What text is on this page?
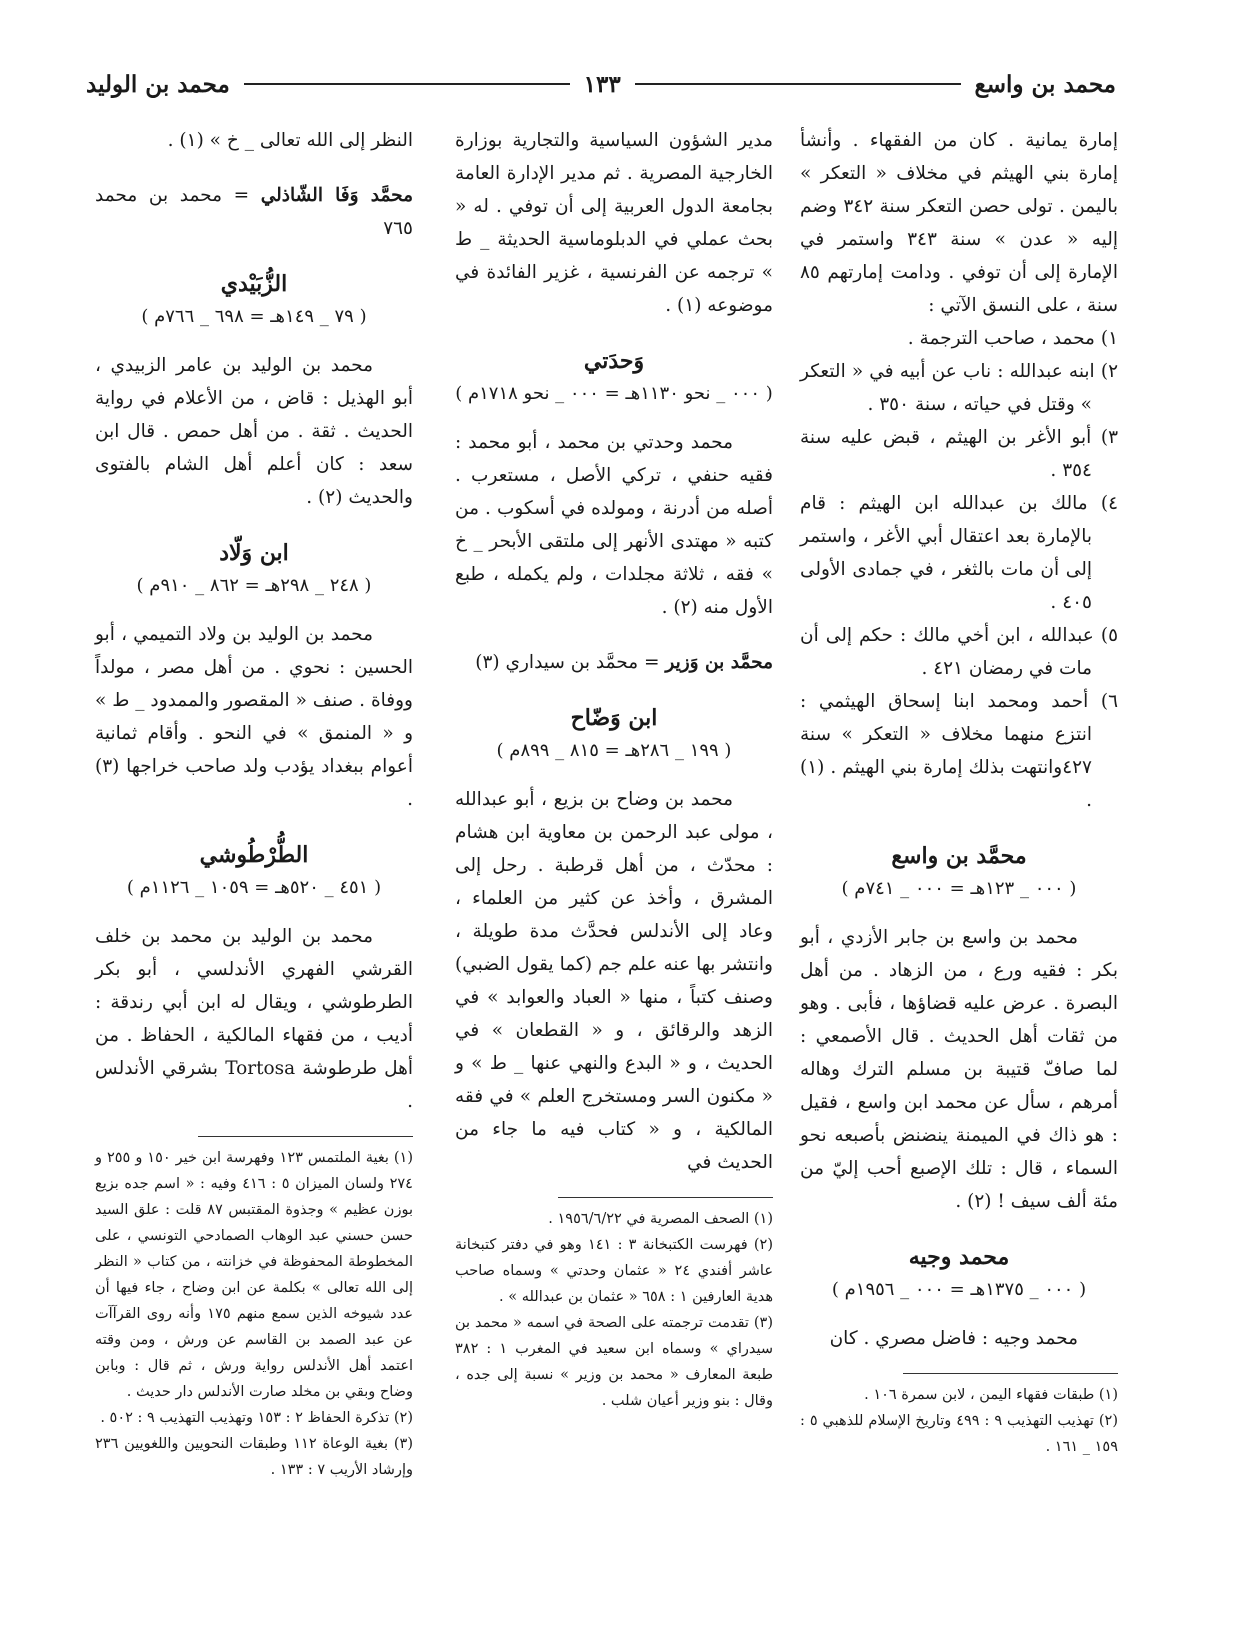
محمد بن واسع
١٣٣
محمد بن الوليد

إمارة يمانية . كان من الفقهاء . وأنشأ إمارة بني الهيثم في مخلاف « التعكر » باليمن . تولى حصن التعكر سنة ٣٤٢ وضم إليه « عدن » سنة ٣٤٣ واستمر في الإمارة إلى أن توفي . ودامت إمارتهم ٨٥ سنة ، على النسق الآتي :

١) محمد ، صاحب الترجمة .

٢) ابنه عبدالله : ناب عن أبيه في « التعكر » وقتل في حياته ، سنة ٣٥٠ .

٣) أبو الأغر بن الهيثم ، قبض عليه سنة ٣٥٤ .

٤) مالك بن عبدالله ابن الهيثم : قام بالإمارة بعد اعتقال أبي الأغر ، واستمر إلى أن مات بالثغر ، في جمادى الأولى ٤٠٥ .

٥) عبدالله ، ابن أخي مالك : حكم إلى أن مات في رمضان ٤٢١ .

٦) أحمد ومحمد ابنا إسحاق الهيثمي : انتزع منهما مخلاف « التعكر » سنة ٤٢٧وانتهت بذلك إمارة بني الهيثم . (١) .

محمَّد بن واسع
( ٠٠٠ _ ١٢٣هـ = ٠٠٠ _ ٧٤١م )

محمد بن واسع بن جابر الأزدي ، أبو بكر : فقيه ورع ، من الزهاد . من أهل البصرة . عرض عليه قضاؤها ، فأبى . وهو من ثقات أهل الحديث . قال الأصمعي : لما صافّ قتيبة بن مسلم الترك وهاله أمرهم ، سأل عن محمد ابن واسع ، فقيل : هو ذاك في الميمنة ينضنض بأصبعه نحو السماء ، قال : تلك الإصبع أحب إليّ من مئة ألف سيف ! (٢) .

محمد وجيه
( ٠٠٠ _ ١٣٧٥هـ = ٠٠٠ _ ١٩٥٦م )

محمد وجيه : فاضل مصري . كان

(١) طبقات فقهاء اليمن ، لابن سمرة ١٠٦ .

(٢) تهذيب التهذيب ٩ : ٤٩٩ وتاريخ الإسلام للذهبي ٥ : ١٥٩ _ ١٦١ .

مدير الشؤون السياسية والتجارية بوزارة الخارجية المصرية . ثم مدير الإدارة العامة بجامعة الدول العربية إلى أن توفي . له « بحث عملي في الدبلوماسية الحديثة _ ط » ترجمه عن الفرنسية ، غزير الفائدة في موضوعه (١) .

وَحدَتي
( ٠٠٠ _ نحو ١١٣٠هـ = ٠٠٠ _ نحو ١٧١٨م )

محمد وحدتي بن محمد ، أبو محمد : فقيه حنفي ، تركي الأصل ، مستعرب . أصله من أدرنة ، ومولده في أسكوب . من كتبه « مهتدى الأنهر إلى ملتقى الأبحر _ خ » فقه ، ثلاثة مجلدات ، ولم يكمله ، طبع الأول منه (٢) .

محمَّد بن وَزير = محمَّد بن سيداري (٣)
ابن وَضّاح
( ١٩٩ _ ٢٨٦هـ = ٨١٥ _ ٨٩٩م )

محمد بن وضاح بن بزيع ، أبو عبدالله ، مولى عبد الرحمن بن معاوية ابن هشام : محدّث ، من أهل قرطبة . رحل إلى المشرق ، وأخذ عن كثير من العلماء ، وعاد إلى الأندلس فحدَّث مدة طويلة ، وانتشر بها عنه علم جم (كما يقول الضبي) وصنف كتباً ، منها « العباد والعوابد » في الزهد والرقائق ، و « القطعان » في الحديث ، و « البدع والنهي عنها _ ط » و « مكنون السر ومستخرج العلم » في فقه المالكية ، و « كتاب فيه ما جاء من الحديث في

(١) الصحف المصرية في ١٩٥٦/٦/٢٢ .

(٢) فهرست الكتبخانة ٣ : ١٤١ وهو في دفتر كتبخانة عاشر أفندي ٢٤ « عثمان وحدتي » وسماه صاحب هدية العارفين ١ : ٦٥٨ « عثمان بن عبدالله » .

(٣) تقدمت ترجمته على الصحة في اسمه « محمد بن سيدراي » وسماه ابن سعيد في المغرب ١ : ٣٨٢ طبعة المعارف « محمد بن وزير » نسبة إلى جده ، وقال : بنو وزير أعيان شلب .

النظر إلى الله تعالى _ خ » (١) .

محمَّد وَفَا الشّاذلي = محمد بن محمد ٧٦٥
الزُّبَيْدي
( ٧٩ _ ١٤٩هـ = ٦٩٨ _ ٧٦٦م )

محمد بن الوليد بن عامر الزبيدي ، أبو الهذيل : قاض ، من الأعلام في رواية الحديث . ثقة . من أهل حمص . قال ابن سعد : كان أعلم أهل الشام بالفتوى والحديث (٢) .

ابن وَلّاد
( ٢٤٨ _ ٢٩٨هـ = ٨٦٢ _ ٩١٠م )

محمد بن الوليد بن ولاد التميمي ، أبو الحسين : نحوي . من أهل مصر ، مولداً ووفاة . صنف « المقصور والممدود _ ط » و « المنمق » في النحو . وأقام ثمانية أعوام ببغداد يؤدب ولد صاحب خراجها (٣) .

الطُّرْطُوشي
( ٤٥١ _ ٥٢٠هـ = ١٠٥٩ _ ١١٢٦م )

محمد بن الوليد بن محمد بن خلف القرشي الفهري الأندلسي ، أبو بكر الطرطوشي ، ويقال له ابن أبي رندقة : أديب ، من فقهاء المالكية ، الحفاظ . من أهل طرطوشة Tortosa بشرقي الأندلس .

(١) بغية الملتمس ١٢٣ وفهرسة ابن خير ١٥٠ و ٢٥٥ و ٢٧٤ ولسان الميزان ٥ : ٤١٦ وفيه : « اسم جده بزيع بوزن عظيم » وجذوة المقتبس ٨٧ قلت : علق السيد حسن حسني عبد الوهاب الصمادحي التونسي ، على المخطوطة المحفوظة في خزانته ، من كتاب « النظر إلى الله تعالى » بكلمة عن ابن وضاح ، جاء فيها أن عدد شيوخه الذين سمع منهم ١٧٥ وأنه روى القرآآت عن عبد الصمد بن القاسم عن ورش ، ومن وقته اعتمد أهل الأندلس رواية ورش ، ثم قال : وبابن وضاح وبقي بن مخلد صارت الأندلس دار حديث .

(٢) تذكرة الحفاظ ٢ : ١٥٣ وتهذيب التهذيب ٩ : ٥٠٢ .

(٣) بغية الوعاة ١١٢ وطبقات النحويين واللغويين ٢٣٦ وإرشاد الأريب ٧ : ١٣٣ .
